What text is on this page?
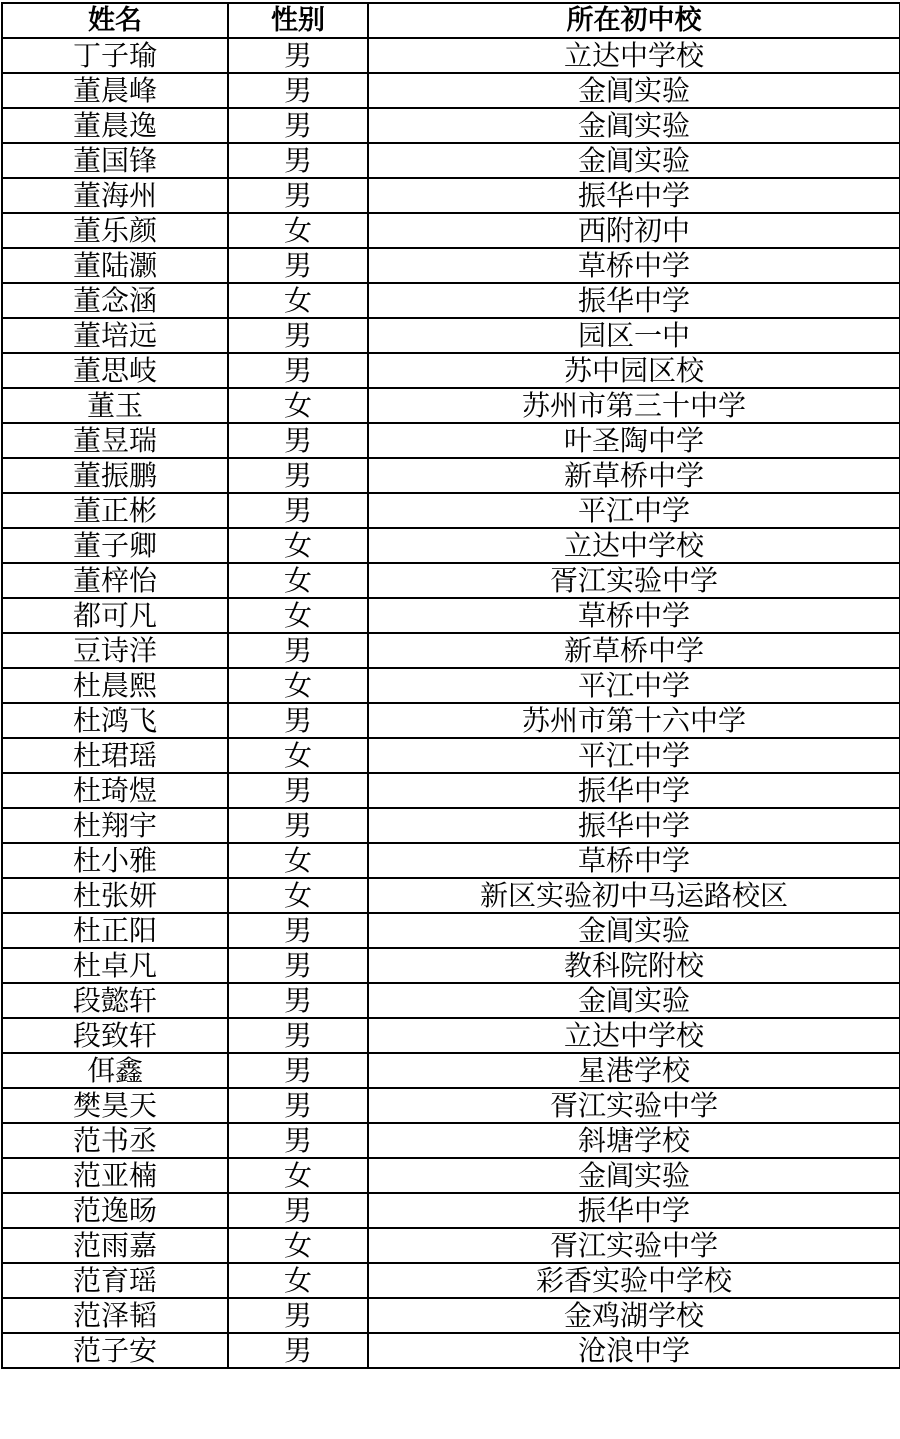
姓名	性别	所在初中校
丁子瑜	男	立达中学校
董晨峰	男	金阊实验
董晨逸	男	金阊实验
董国锋	男	金阊实验
董海州	男	振华中学
董乐颜	女	西附初中
董陆灏	男	草桥中学
董念涵	女	振华中学
董培远	男	园区一中
董思岐	男	苏中园区校
董玉	女	苏州市第三十中学
董昱瑞	男	叶圣陶中学
董振鹏	男	新草桥中学
董正彬	男	平江中学
董子卿	女	立达中学校
董梓怡	女	胥江实验中学
都可凡	女	草桥中学
豆诗洋	男	新草桥中学
杜晨熙	女	平江中学
杜鸿飞	男	苏州市第十六中学
杜珺瑶	女	平江中学
杜琦煜	男	振华中学
杜翔宇	男	振华中学
杜小雅	女	草桥中学
杜张妍	女	新区实验初中马运路校区
杜正阳	男	金阊实验
杜卓凡	男	教科院附校
段懿轩	男	金阊实验
段致轩	男	立达中学校
佴鑫	男	星港学校
樊昊天	男	胥江实验中学
范书丞	男	斜塘学校
范亚楠	女	金阊实验
范逸旸	男	振华中学
范雨嘉	女	胥江实验中学
范育瑶	女	彩香实验中学校
范泽韬	男	金鸡湖学校
范子安	男	沧浪中学
